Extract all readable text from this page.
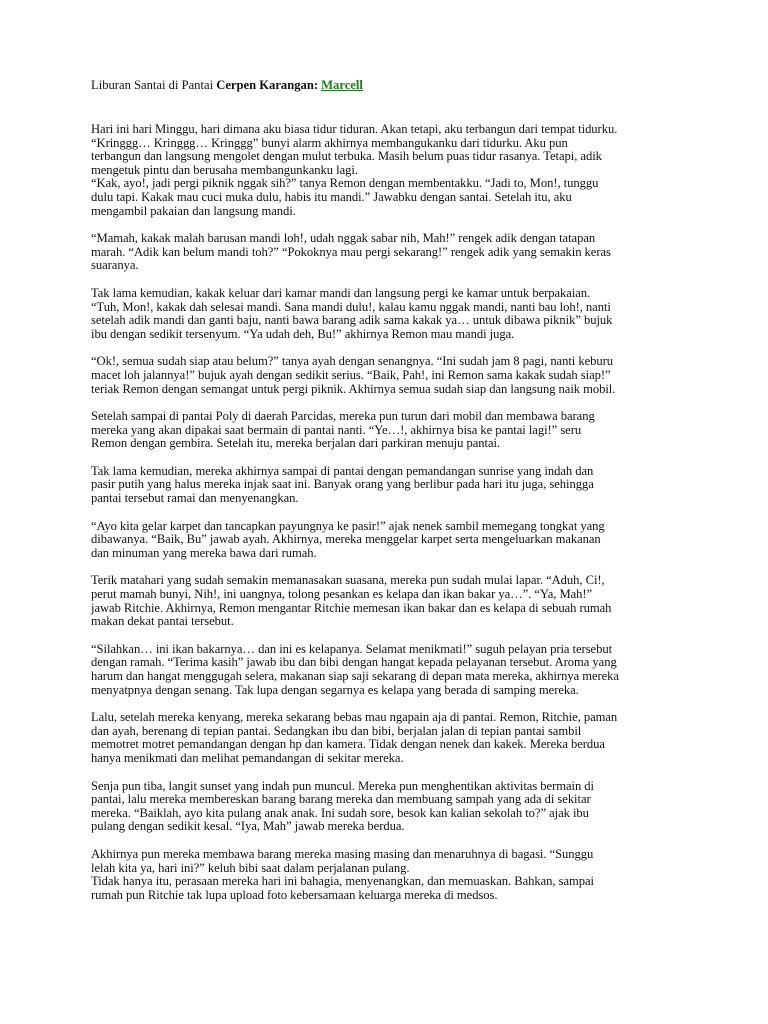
Liburan Santai di Pantai Cerpen Karangan: Marcell

Hari ini hari Minggu, hari dimana aku biasa tidur tiduran. Akan tetapi, aku terbangun dari tempat tidurku.
“Kringgg… Kringgg… Kringgg” bunyi alarm akhirnya membangukanku dari tidurku. Aku pun
terbangun dan langsung mengolet dengan mulut terbuka. Masih belum puas tidur rasanya. Tetapi, adik
mengetuk pintu dan berusaha membangunkanku lagi.
“Kak, ayo!, jadi pergi piknik nggak sih?” tanya Remon dengan membentakku. “Jadi to, Mon!, tunggu
dulu tapi. Kakak mau cuci muka dulu, habis itu mandi.” Jawabku dengan santai. Setelah itu, aku
mengambil pakaian dan langsung mandi.

“Mamah, kakak malah barusan mandi loh!, udah nggak sabar nih, Mah!” rengek adik dengan tatapan
marah. “Adik kan belum mandi toh?” “Pokoknya mau pergi sekarang!” rengek adik yang semakin keras
suaranya.

Tak lama kemudian, kakak keluar dari kamar mandi dan langsung pergi ke kamar untuk berpakaian.
“Tuh, Mon!, kakak dah selesai mandi. Sana mandi dulu!, kalau kamu nggak mandi, nanti bau loh!, nanti
setelah adik mandi dan ganti baju, nanti bawa barang adik sama kakak ya… untuk dibawa piknik” bujuk
ibu dengan sedikit tersenyum. “Ya udah deh, Bu!” akhirnya Remon mau mandi juga.

“Ok!, semua sudah siap atau belum?” tanya ayah dengan senangnya. “Ini sudah jam 8 pagi, nanti keburu
macet loh jalannya!” bujuk ayah dengan sedikit serius. “Baik, Pah!, ini Remon sama kakak sudah siap!”
teriak Remon dengan semangat untuk pergi piknik. Akhirnya semua sudah siap dan langsung naik mobil.

Setelah sampai di pantai Poly di daerah Parcidas, mereka pun turun dari mobil dan membawa barang
mereka yang akan dipakai saat bermain di pantai nanti. “Ye…!, akhirnya bisa ke pantai lagi!” seru
Remon dengan gembira. Setelah itu, mereka berjalan dari parkiran menuju pantai.

Tak lama kemudian, mereka akhirnya sampai di pantai dengan pemandangan sunrise yang indah dan
pasir putih yang halus mereka injak saat ini. Banyak orang yang berlibur pada hari itu juga, sehingga
pantai tersebut ramai dan menyenangkan.

“Ayo kita gelar karpet dan tancapkan payungnya ke pasir!” ajak nenek sambil memegang tongkat yang
dibawanya. “Baik, Bu” jawab ayah. Akhirnya, mereka menggelar karpet serta mengeluarkan makanan
dan minuman yang mereka bawa dari rumah.

Terik matahari yang sudah semakin memanasakan suasana, mereka pun sudah mulai lapar. “Aduh, Ci!,
perut mamah bunyi, Nih!, ini uangnya, tolong pesankan es kelapa dan ikan bakar ya…”. “Ya, Mah!”
jawab Ritchie. Akhirnya, Remon mengantar Ritchie memesan ikan bakar dan es kelapa di sebuah rumah
makan dekat pantai tersebut.

“Silahkan… ini ikan bakarnya… dan ini es kelapanya. Selamat menikmati!” suguh pelayan pria tersebut
dengan ramah. “Terima kasih” jawab ibu dan bibi dengan hangat kepada pelayanan tersebut. Aroma yang
harum dan hangat menggugah selera, makanan siap saji sekarang di depan mata mereka, akhirnya mereka
menyatpnya dengan senang. Tak lupa dengan segarnya es kelapa yang berada di samping mereka.

Lalu, setelah mereka kenyang, mereka sekarang bebas mau ngapain aja di pantai. Remon, Ritchie, paman
dan ayah, berenang di tepian pantai. Sedangkan ibu dan bibi, berjalan jalan di tepian pantai sambil
memotret motret pemandangan dengan hp dan kamera. Tidak dengan nenek dan kakek. Mereka berdua
hanya menikmati dan melihat pemandangan di sekitar mereka.

Senja pun tiba, langit sunset yang indah pun muncul. Mereka pun menghentikan aktivitas bermain di
pantai, lalu mereka membereskan barang barang mereka dan membuang sampah yang ada di sekitar
mereka. “Baiklah, ayo kita pulang anak anak. Ini sudah sore, besok kan kalian sekolah to?” ajak ibu
pulang dengan sedikit kesal. “Iya, Mah” jawab mereka berdua.

Akhirnya pun mereka membawa barang mereka masing masing dan menaruhnya di bagasi. “Sunggu
lelah kita ya, hari ini?” keluh bibi saat dalam perjalanan pulang.
Tidak hanya itu, perasaan mereka hari ini bahagia, menyenangkan, dan memuaskan. Bahkan, sampai
rumah pun Ritchie tak lupa upload foto kebersamaan keluarga mereka di medsos.
